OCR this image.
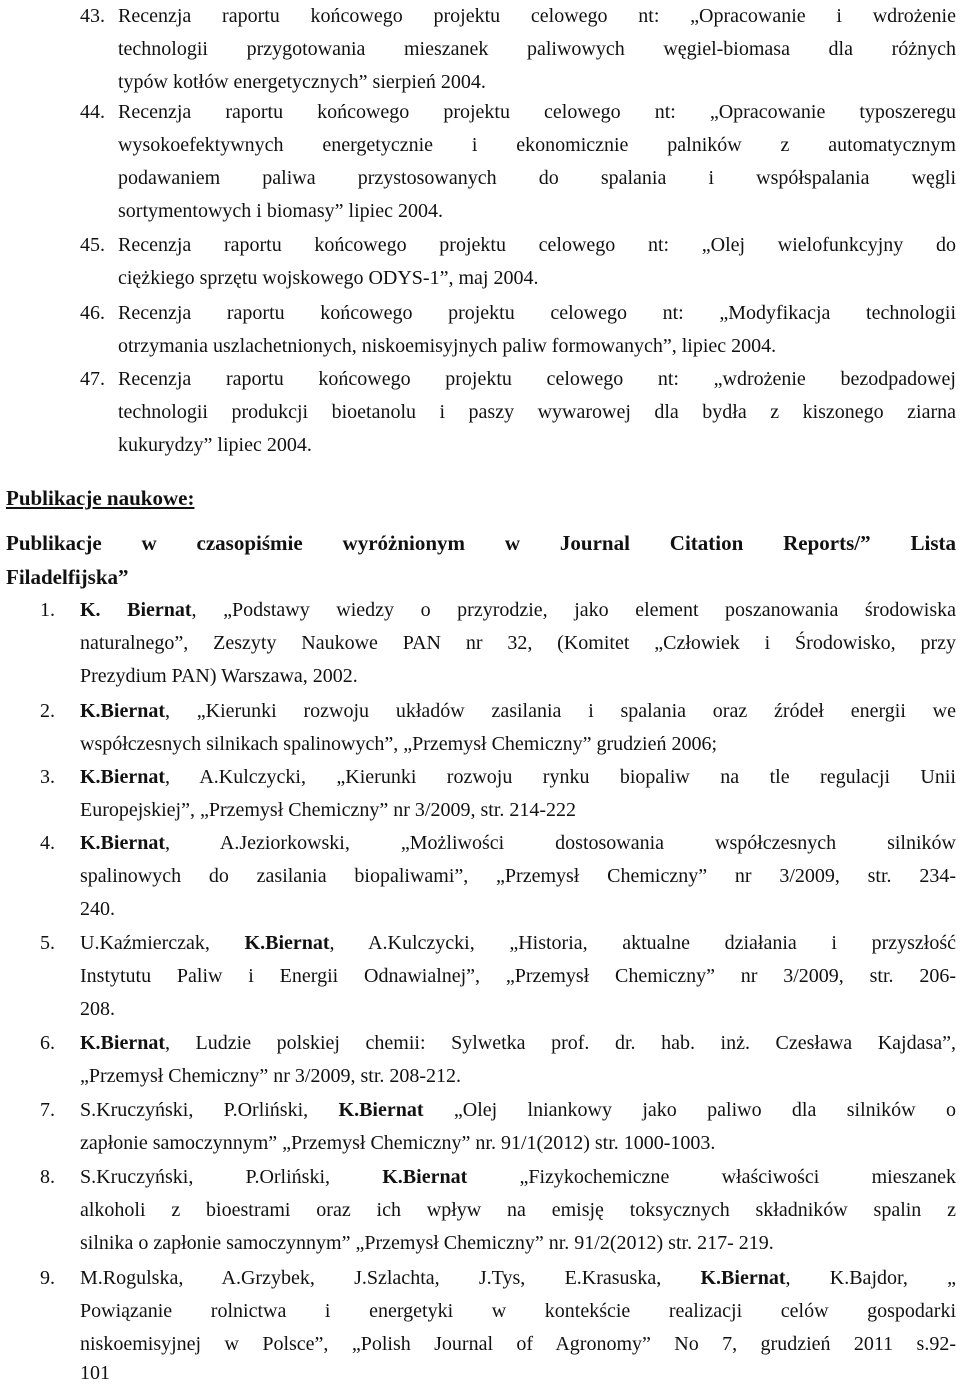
43. Recenzja raportu końcowego projektu celowego nt: „Opracowanie i wdrożenie
technologii przygotowania mieszanek paliwowych węgiel-biomasa dla różnych
typów kotłów energetycznych” sierpień 2004.
44. Recenzja raportu końcowego projektu celowego nt: „Opracowanie typoszeregu
wysokoefektywnych energetycznie i ekonomicznie palników z automatycznym
podawaniem paliwa przystosowanych do spalania i współspalania węgli
sortymentowych i biomasy” lipiec 2004.
45. Recenzja raportu końcowego projektu celowego nt: „Olej wielofunkcyjny do
ciężkiego sprzętu wojskowego ODYS-1”, maj 2004.
46. Recenzja raportu końcowego projektu celowego nt: „Modyfikacja technologii
otrzymania uszlachetnionych, niskoemisyjnych paliw formowanych”, lipiec 2004.
47. Recenzja raportu końcowego projektu celowego nt: „wdrożenie bezodpadowej
technologii produkcji bioetanolu i paszy wywarowej dla bydła z kiszonego ziarna
kukurydzy” lipiec 2004.
Publikacje naukowe:
Publikacje w czasopiśmie wyróżnionym w Journal Citation Reports/” Lista
Filadelfijska”
1. K. Biernat, „Podstawy wiedzy o przyrodzie, jako element poszanowania środowiska
naturalnego”, Zeszyty Naukowe PAN nr 32, (Komitet „Człowiek i Środowisko, przy
Prezydium PAN) Warszawa, 2002.
2. K.Biernat, „Kierunki rozwoju układów zasilania i spalania oraz źródeł energii we
współczesnych silnikach spalinowych”, „Przemysł Chemiczny” grudzień 2006;
3. K.Biernat, A.Kulczycki, „Kierunki rozwoju rynku biopaliw na tle regulacji Unii
Europejskiej”, „Przemysł Chemiczny” nr 3/2009, str. 214-222
4. K.Biernat, A.Jeziorkowski, „Możliwości dostosowania współczesnych silników
spalinowych do zasilania biopaliwami”, „Przemysł Chemiczny” nr 3/2009, str. 234-
240.
5. U.Kaźmierczak, K.Biernat, A.Kulczycki, „Historia, aktualne działania i przyszłość
Instytutu Paliw i Energii Odnawialnej”, „Przemysł Chemiczny” nr 3/2009, str. 206-
208.
6. K.Biernat, Ludzie polskiej chemii: Sylwetka prof. dr. hab. inż. Czesława Kajdasa”,
„Przemysł Chemiczny” nr 3/2009, str. 208-212.
7. S.Kruczyński, P.Orliński, K.Biernat „Olej lniankowy jako paliwo dla silników o
zapłonie samoczynnym” „Przemysł Chemiczny” nr. 91/1(2012) str. 1000-1003.
8. S.Kruczyński, P.Orliński, K.Biernat „Fizykochemiczne właściwości mieszanek
alkoholi z bioestrami oraz ich wpływ na emisję toksycznych składników spalin z
silnika o zapłonie samoczynnym” „Przemysł Chemiczny” nr. 91/2(2012) str. 217- 219.
9. M.Rogulska, A.Grzybek, J.Szlachta, J.Tys, E.Krasuska, K.Biernat, K.Bajdor, „
Powiązanie rolnictwa i energetyki w kontekście realizacji celów gospodarki
niskoemisyjnej w Polsce”, „Polish Journal of Agronomy” No 7, grudzień 2011 s.92-
101
